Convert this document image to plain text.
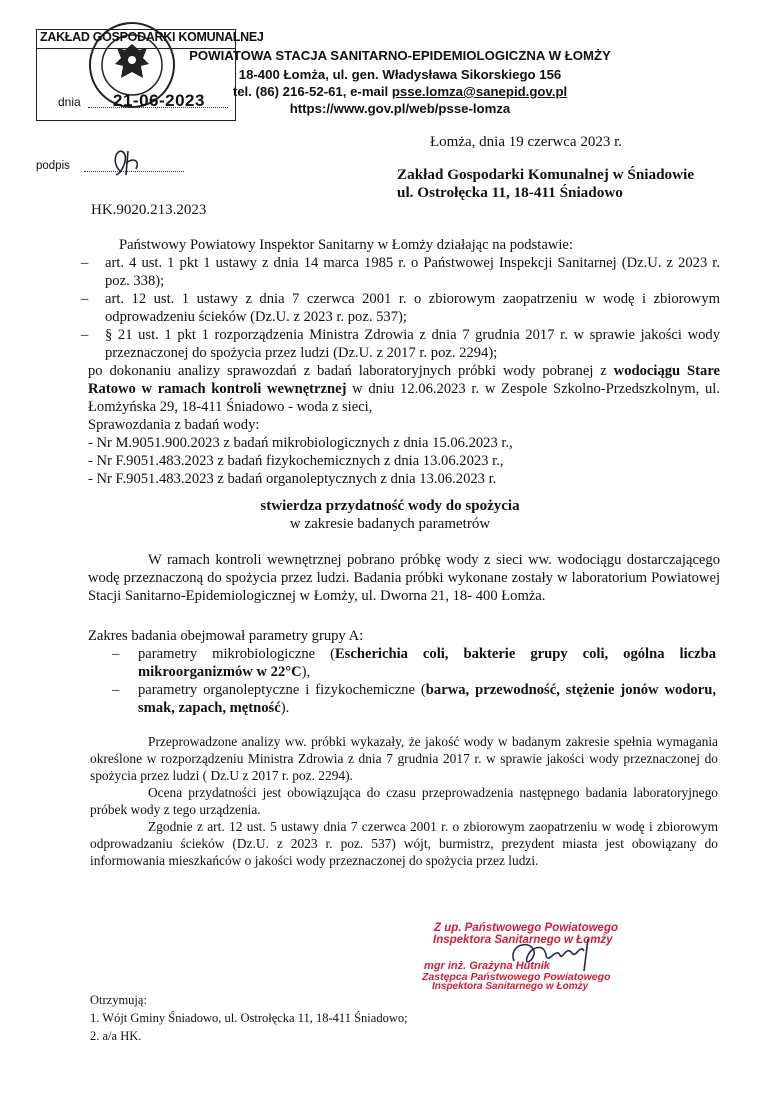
ZAKŁAD GOSPODARKI KOMUNALNEJ
dnia 21-06-2023
podpis
POWIATOWA STACJA SANITARNO-EPIDEMIOLOGICZNA W ŁOMŻY
18-400 Łomża, ul. gen. Władysława Sikorskiego 156
tel. (86) 216-52-61, e-mail psse.lomza@sanepid.gov.pl
https://www.gov.pl/web/psse-lomza
Łomża, dnia 19 czerwca 2023 r.
Zakład Gospodarki Komunalnej w Śniadowie
ul. Ostrołęcka 11, 18-411 Śniadowo
HK.9020.213.2023
Państwowy Powiatowy Inspektor Sanitarny w Łomży działając na podstawie:
– art. 4 ust. 1 pkt 1 ustawy z dnia 14 marca 1985 r. o Państwowej Inspekcji Sanitarnej (Dz.U. z 2023 r. poz. 338);
– art. 12 ust. 1 ustawy z dnia 7 czerwca 2001 r. o zbiorowym zaopatrzeniu w wodę i zbiorowym odprowadzeniu ścieków (Dz.U. z 2023 r. poz. 537);
– § 21 ust. 1 pkt 1 rozporządzenia Ministra Zdrowia z dnia 7 grudnia 2017 r. w sprawie jakości wody przeznaczonej do spożycia przez ludzi (Dz.U. z 2017 r. poz. 2294);
po dokonaniu analizy sprawozdań z badań laboratoryjnych próbki wody pobranej z wodociągu Stare Ratowo w ramach kontroli wewnętrznej w dniu 12.06.2023 r. w Zespole Szkolno-Przedszkolnym, ul. Łomżyńska 29, 18-411 Śniadowo - woda z sieci,
Sprawozdania z badań wody:
- Nr M.9051.900.2023 z badań mikrobiologicznych z dnia 15.06.2023 r.,
- Nr F.9051.483.2023 z badań fizykochemicznych z dnia 13.06.2023 r.,
- Nr F.9051.483.2023 z badań organoleptycznych z dnia 13.06.2023 r.
stwierdza przydatność wody do spożycia
w zakresie badanych parametrów
W ramach kontroli wewnętrznej pobrano próbkę wody z sieci ww. wodociągu dostarczającego wodę przeznaczoną do spożycia przez ludzi. Badania próbki wykonane zostały w laboratorium Powiatowej Stacji Sanitarno-Epidemiologicznej w Łomży, ul. Dworna 21, 18- 400 Łomża.
Zakres badania obejmował parametry grupy A:
– parametry mikrobiologiczne (Escherichia coli, bakterie grupy coli, ogólna liczba mikroorganizmów w 22°C),
– parametry organoleptyczne i fizykochemiczne (barwa, przewodność, stężenie jonów wodoru, smak, zapach, mętność).
Przeprowadzone analizy ww. próbki wykazały, że jakość wody w badanym zakresie spełnia wymagania określone w rozporządzeniu Ministra Zdrowia z dnia 7 grudnia 2017 r. w sprawie jakości wody przeznaczonej do spożycia przez ludzi ( Dz.U z 2017 r. poz. 2294).
Ocena przydatności jest obowiązująca do czasu przeprowadzenia następnego badania laboratoryjnego próbek wody z tego urządzenia.
Zgodnie z art. 12 ust. 5 ustawy dnia 7 czerwca 2001 r. o zbiorowym zaopatrzeniu w wodę i zbiorowym odprowadzaniu ścieków (Dz.U. z 2023 r. poz. 537) wójt, burmistrz, prezydent miasta jest obowiązany do informowania mieszkańców o jakości wody przeznaczonej do spożycia przez ludzi.
Z up. Państwowego Powiatowego
Inspektora Sanitarnego w Łomży
mgr inż. Grażyna Hutnik
Zastępca Państwowego Powiatowego
Inspektora Sanitarnego w Łomży
Otrzymują:
1. Wójt Gminy Śniadowo, ul. Ostrołęcka 11, 18-411 Śniadowo;
2. a/a HK.
